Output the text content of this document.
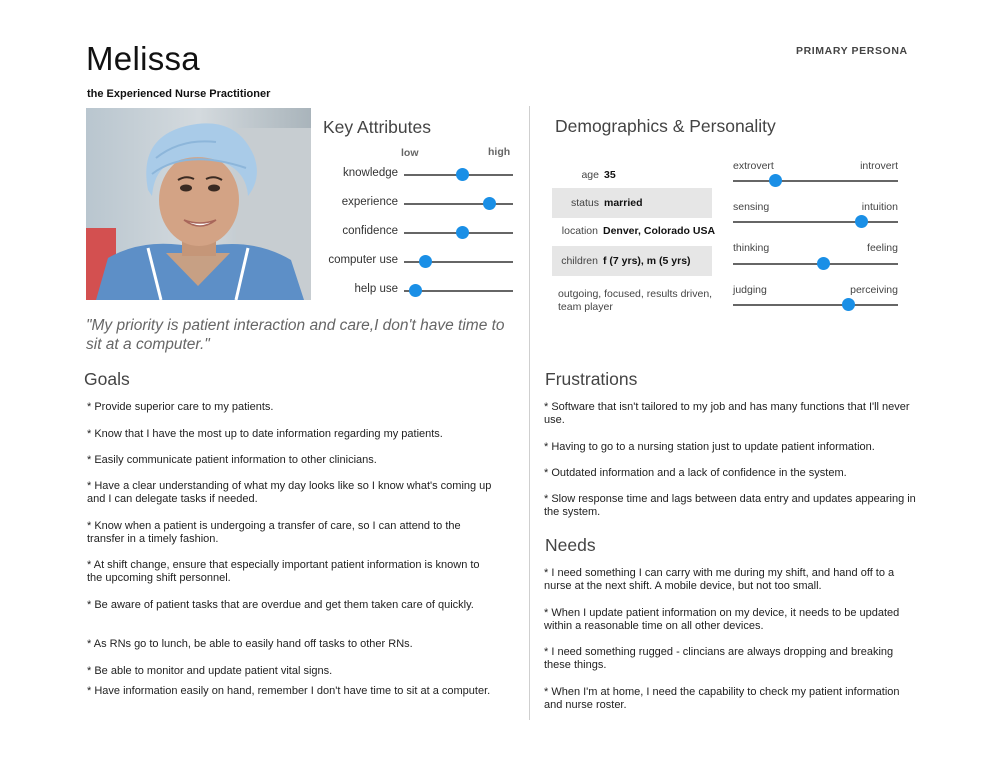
Melissa	PRIMARY PERSONA
the Experienced Nurse Practitioner
"My priority is patient interaction and care,I don't have time to sit at a computer."
Key Attributes
low	high
knowledge
experience
confidence
computer use
help use
Demographics & Personality
age 35
status married
location Denver, Colorado USA
children f (7 yrs), m (5 yrs)
outgoing, focused, results driven, team player
extrovert	introvert
sensing	intuition
thinking	feeling
judging	perceiving
Goals

* Provide superior care to my patients.

* Know that I have the most up to date information regarding my patients.

* Easily communicate patient information to other clinicians.

* Have a clear understanding of what my day looks like so I know what's coming up and I can delegate tasks if needed.

* Know when a patient is undergoing a transfer of care, so I can attend to the transfer in a timely fashion.

* At shift change, ensure that especially important patient information is known to the upcoming shift personnel.

* Be aware of patient tasks that are overdue and get them taken care of quickly.

* As RNs go to lunch, be able to easily hand off tasks to other RNs.

* Be able to monitor and update patient vital signs.

* Have information easily on hand, remember I don't have time to sit at a computer.

Frustrations

* Software that isn't tailored to my job and has many functions that I'll never use.

* Having to go to a nursing station just to update patient information.

* Outdated information and a lack of confidence in the system.

* Slow response time and lags between data entry and updates appearing in the system.

Needs

* I need something I can carry with me during my shift, and hand off to a nurse at the next shift. A mobile device, but not too small.

* When I update patient information on my device, it needs to be updated within a reasonable time on all other devices.

* I need something rugged - clincians are always dropping and breaking these things.

* When I'm at home, I need the capability to check my patient information and nurse roster.
